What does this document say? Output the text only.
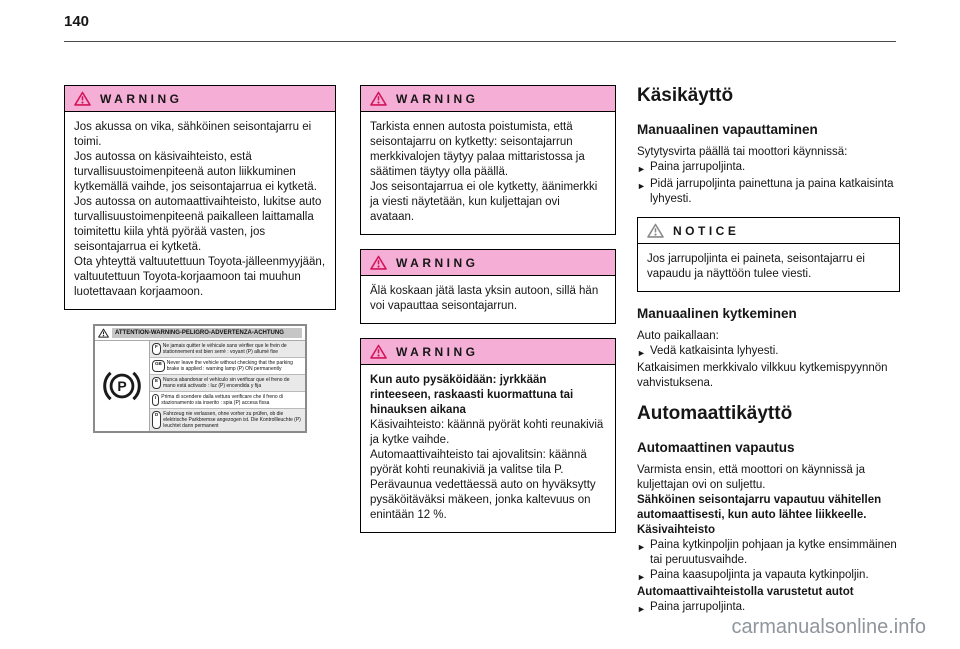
140
WARNING

Jos akussa on vika, sähköinen seisontajarru ei toimi.

Jos autossa on käsivaihteisto, estä turvallisuustoimenpiteenä auton liikkuminen kytkemällä vaihde, jos seisontajarrua ei kytketä.

Jos autossa on automaattivaihteisto, lukitse auto turvallisuustoimenpiteenä paikalleen laittamalla toimitettu kiila yhtä pyörää vasten, jos seisontajarrua ei kytketä.

Ota yhteyttä valtuutettuun Toyota-jälleenmyyjään, valtuutettuun Toyota-korjaamoon tai muuhun luotettavaan korjaamoon.

ATTENTION-WARNING-PELIGRO-ADVERTENZA-ACHTUNG
P
F	Ne jamais quitter le véhicule sans vérifier que le frein de stationnement est bien serré : voyant (P) allumé fixe
GB	Never leave the vehicle without checking that the parking brake is applied : warning lamp (P) ON permanently
E	Nunca abandonar el vehículo sin verificar que el freno de mano está activado : luz (P) encendida y fija
I	Prima di scendere dalla vettura verificare che il freno di stazionamento sia inserito : spia (P) accesa fissa
D	Fahrzeug nie verlassen, ohne vorher zu prüfen, ob die elektrische Parkbremse angezogen ist. Die Kontrollleuchte (P) leuchtet dann permanent
WARNING

Tarkista ennen autosta poistumista, että seisontajarru on kytketty: seisontajarrun merkkivalojen täytyy palaa mittaristossa ja säätimen täytyy olla päällä.

Jos seisontajarrua ei ole kytketty, äänimerkki ja viesti näytetään, kun kuljettajan ovi avataan.

WARNING

Älä koskaan jätä lasta yksin autoon, sillä hän voi vapauttaa seisontajarrun.

WARNING

Kun auto pysäköidään: jyrkkään rinteeseen, raskaasti kuormattuna tai hinauksen aikana

Käsivaihteisto: käännä pyörät kohti reunakiviä ja kytke vaihde.

Automaattivaihteisto tai ajovalitsin: käännä pyörät kohti reunakiviä ja valitse tila P.

Perävaunua vedettäessä auto on hyväksytty pysäköitäväksi mäkeen, jonka kaltevuus on enintään 12 %.

Käsikäyttö
Manuaalinen vapauttaminen

Sytytysvirta päällä tai moottori käynnissä:

► Paina jarrupoljinta.
► Pidä jarrupoljinta painettuna ja paina katkaisinta lyhyesti.
NOTICE

Jos jarrupoljinta ei paineta, seisontajarru ei vapaudu ja näyttöön tulee viesti.

Manuaalinen kytkeminen

Auto paikallaan:

► Vedä katkaisinta lyhyesti.

Katkaisimen merkkivalo vilkkuu kytkemispyynnön vahvistuksena.

Automaattikäyttö
Automaattinen vapautus

Varmista ensin, että moottori on käynnissä ja kuljettajan ovi on suljettu.

Sähköinen seisontajarru vapautuu vähitellen automaattisesti, kun auto lähtee liikkeelle.

Käsivaihteisto

► Paina kytkinpoljin pohjaan ja kytke ensimmäinen tai peruutusvaihde.
► Paina kaasupoljinta ja vapauta kytkinpoljin.

Automaattivaihteistolla varustetut autot

► Paina jarrupoljinta.
carmanualsonline.info
